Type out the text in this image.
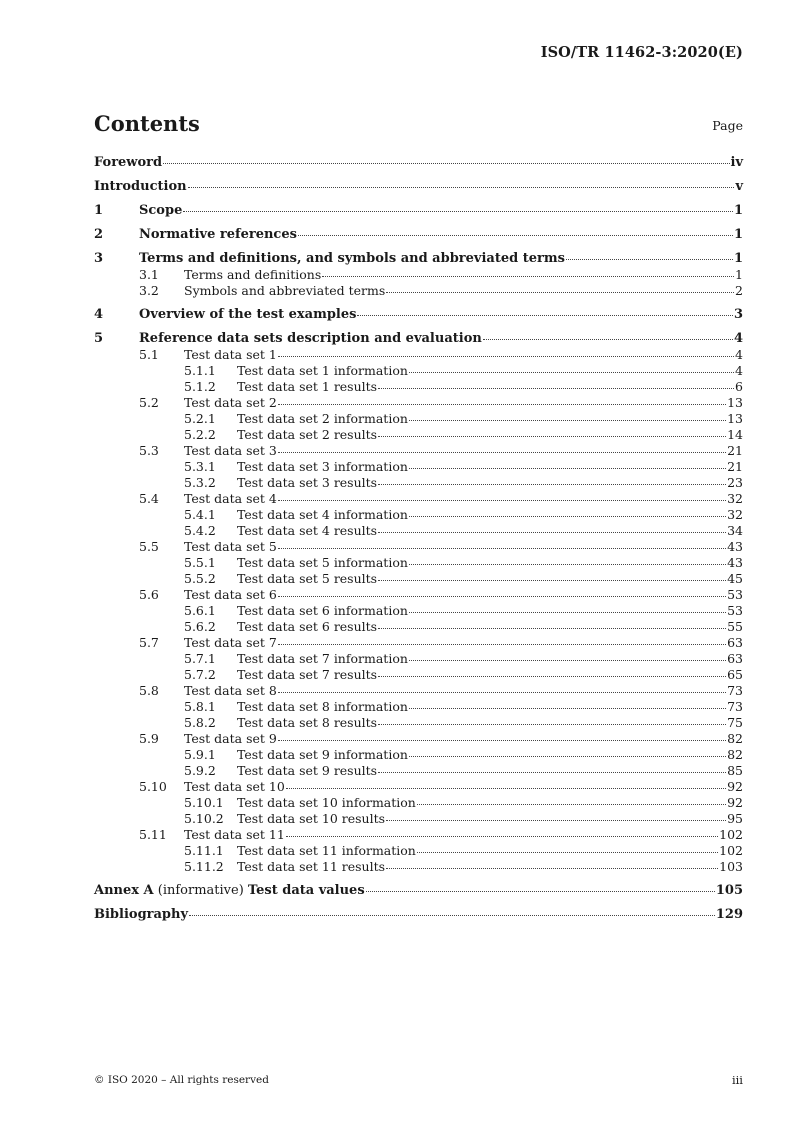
ISO/TR 11462-3:2020(E)
Contents	Page
Foreword	iv
Introduction	v
1	Scope	1
2	Normative references	1
3	Terms and definitions, and symbols and abbreviated terms	1
3.1	Terms and definitions	1
3.2	Symbols and abbreviated terms	2
4	Overview of the test examples	3
5	Reference data sets description and evaluation	4
5.1	Test data set 1	4
5.1.1	Test data set 1 information	4
5.1.2	Test data set 1 results	6
5.2	Test data set 2	13
5.2.1	Test data set 2 information	13
5.2.2	Test data set 2 results	14
5.3	Test data set 3	21
5.3.1	Test data set 3 information	21
5.3.2	Test data set 3 results	23
5.4	Test data set 4	32
5.4.1	Test data set 4 information	32
5.4.2	Test data set 4 results	34
5.5	Test data set 5	43
5.5.1	Test data set 5 information	43
5.5.2	Test data set 5 results	45
5.6	Test data set 6	53
5.6.1	Test data set 6 information	53
5.6.2	Test data set 6 results	55
5.7	Test data set 7	63
5.7.1	Test data set 7 information	63
5.7.2	Test data set 7 results	65
5.8	Test data set 8	73
5.8.1	Test data set 8 information	73
5.8.2	Test data set 8 results	75
5.9	Test data set 9	82
5.9.1	Test data set 9 information	82
5.9.2	Test data set 9 results	85
5.10	Test data set 10	92
5.10.1	Test data set 10 information	92
5.10.2	Test data set 10 results	95
5.11	Test data set 11	102
5.11.1	Test data set 11 information	102
5.11.2	Test data set 11 results	103
Annex A (informative) Test data values	105
Bibliography	129
© ISO 2020 – All rights reserved	iii
